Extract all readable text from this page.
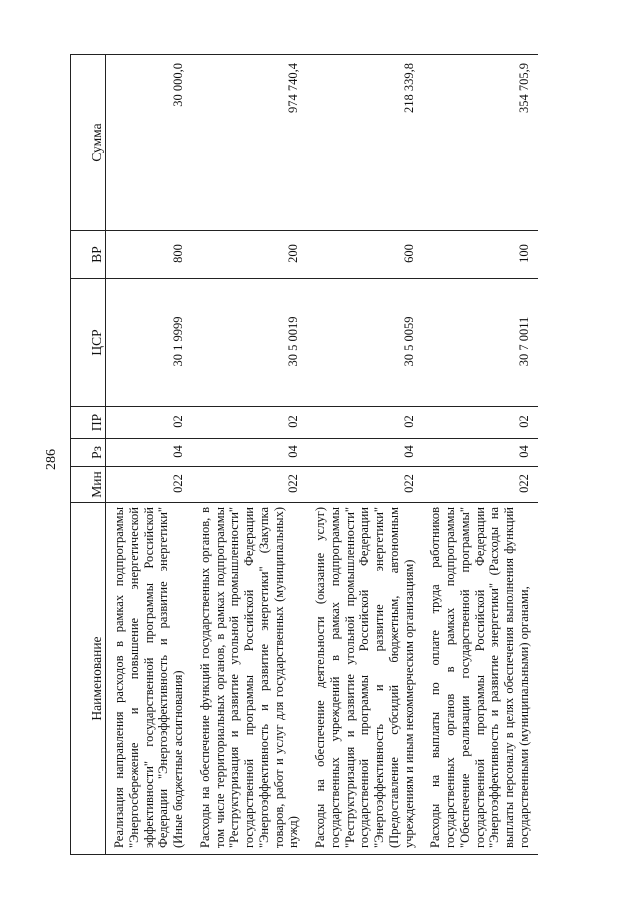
286
Наименование	Мин	Рз	ПР	ЦСР	ВР	Сумма
Реализация направления расходов в рамках подпрограммы "Энергосбережение и повышение энергетической эффективности" государственной программы Российской Федерации "Энергоэффективность и развитие энергетики" (Иные бюджетные ассигнования)	022	04	02	30 1 9999	800	30 000,0
Расходы на обеспечение функций государственных органов, в том числе территориальных органов, в рамках подпрограммы "Реструктуризация и развитие угольной промышленности" государственной программы Российской Федерации "Энергоэффективность и развитие энергетики" (Закупка товаров, работ и услуг для государственных (муниципальных) нужд)	022	04	02	30 5 0019	200	974 740,4
Расходы на обеспечение деятельности (оказание услуг) государственных учреждений в рамках подпрограммы "Реструктуризация и развитие угольной промышленности" государственной программы Российской Федерации "Энергоэффективность и развитие энергетики" (Предоставление субсидий бюджетным, автономным учреждениям и иным некоммерческим организациям)	022	04	02	30 5 0059	600	218 339,8
Расходы на выплаты по оплате труда работников государственных органов в рамках подпрограммы "Обеспечение реализации государственной программы" государственной программы Российской Федерации "Энергоэффективность и развитие энергетики" (Расходы на выплаты персоналу в целях обеспечения выполнения функций государственными (муниципальными) органами,	022	04	02	30 7 0011	100	354 705,9
